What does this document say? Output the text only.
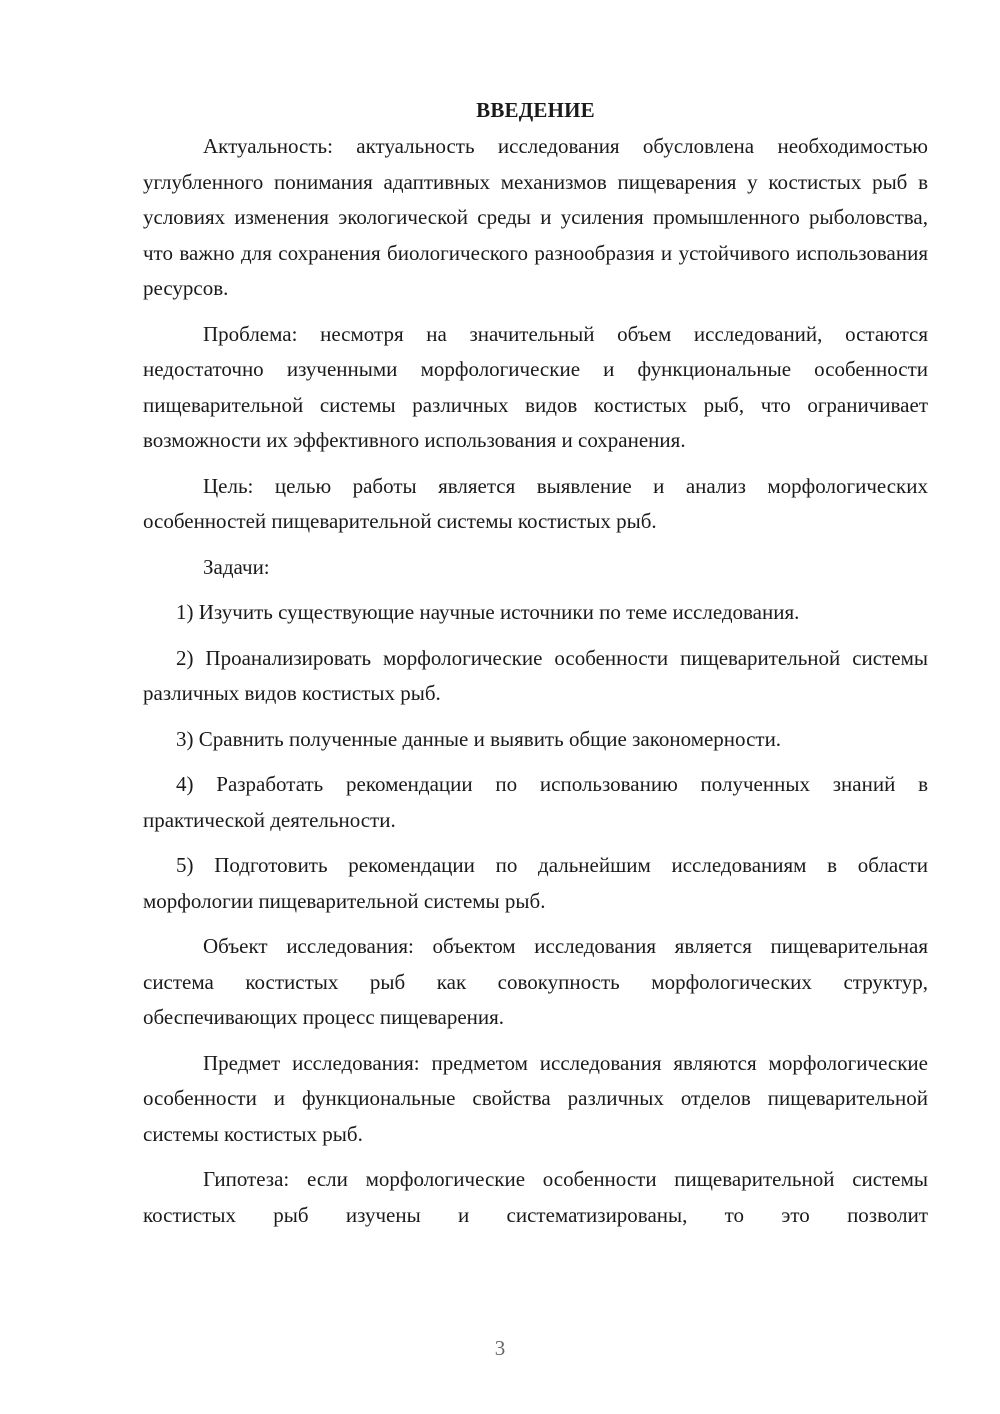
ВВЕДЕНИЕ

Актуальность: актуальность исследования обусловлена необходимостью углубленного понимания адаптивных механизмов пищеварения у костистых рыб в условиях изменения экологической среды и усиления промышленного рыболовства, что важно для сохранения биологического разнообразия и устойчивого использования ресурсов.

Проблема: несмотря на значительный объем исследований, остаются недостаточно изученными морфологические и функциональные особенности пищеварительной системы различных видов костистых рыб, что ограничивает возможности их эффективного использования и сохранения.

Цель: целью работы является выявление и анализ морфологических особенностей пищеварительной системы костистых рыб.

Задачи:

1) Изучить существующие научные источники по теме исследования.

2) Проанализировать морфологические особенности пищеварительной системы различных видов костистых рыб.

3) Сравнить полученные данные и выявить общие закономерности.

4) Разработать рекомендации по использованию полученных знаний в практической деятельности.

5) Подготовить рекомендации по дальнейшим исследованиям в области морфологии пищеварительной системы рыб.

Объект исследования: объектом исследования является пищеварительная система костистых рыб как совокупность морфологических структур, обеспечивающих процесс пищеварения.

Предмет исследования: предметом исследования являются морфологические особенности и функциональные свойства различных отделов пищеварительной системы костистых рыб.

Гипотеза: если морфологические особенности пищеварительной системы костистых рыб изучены и систематизированы, то это позволит

3
